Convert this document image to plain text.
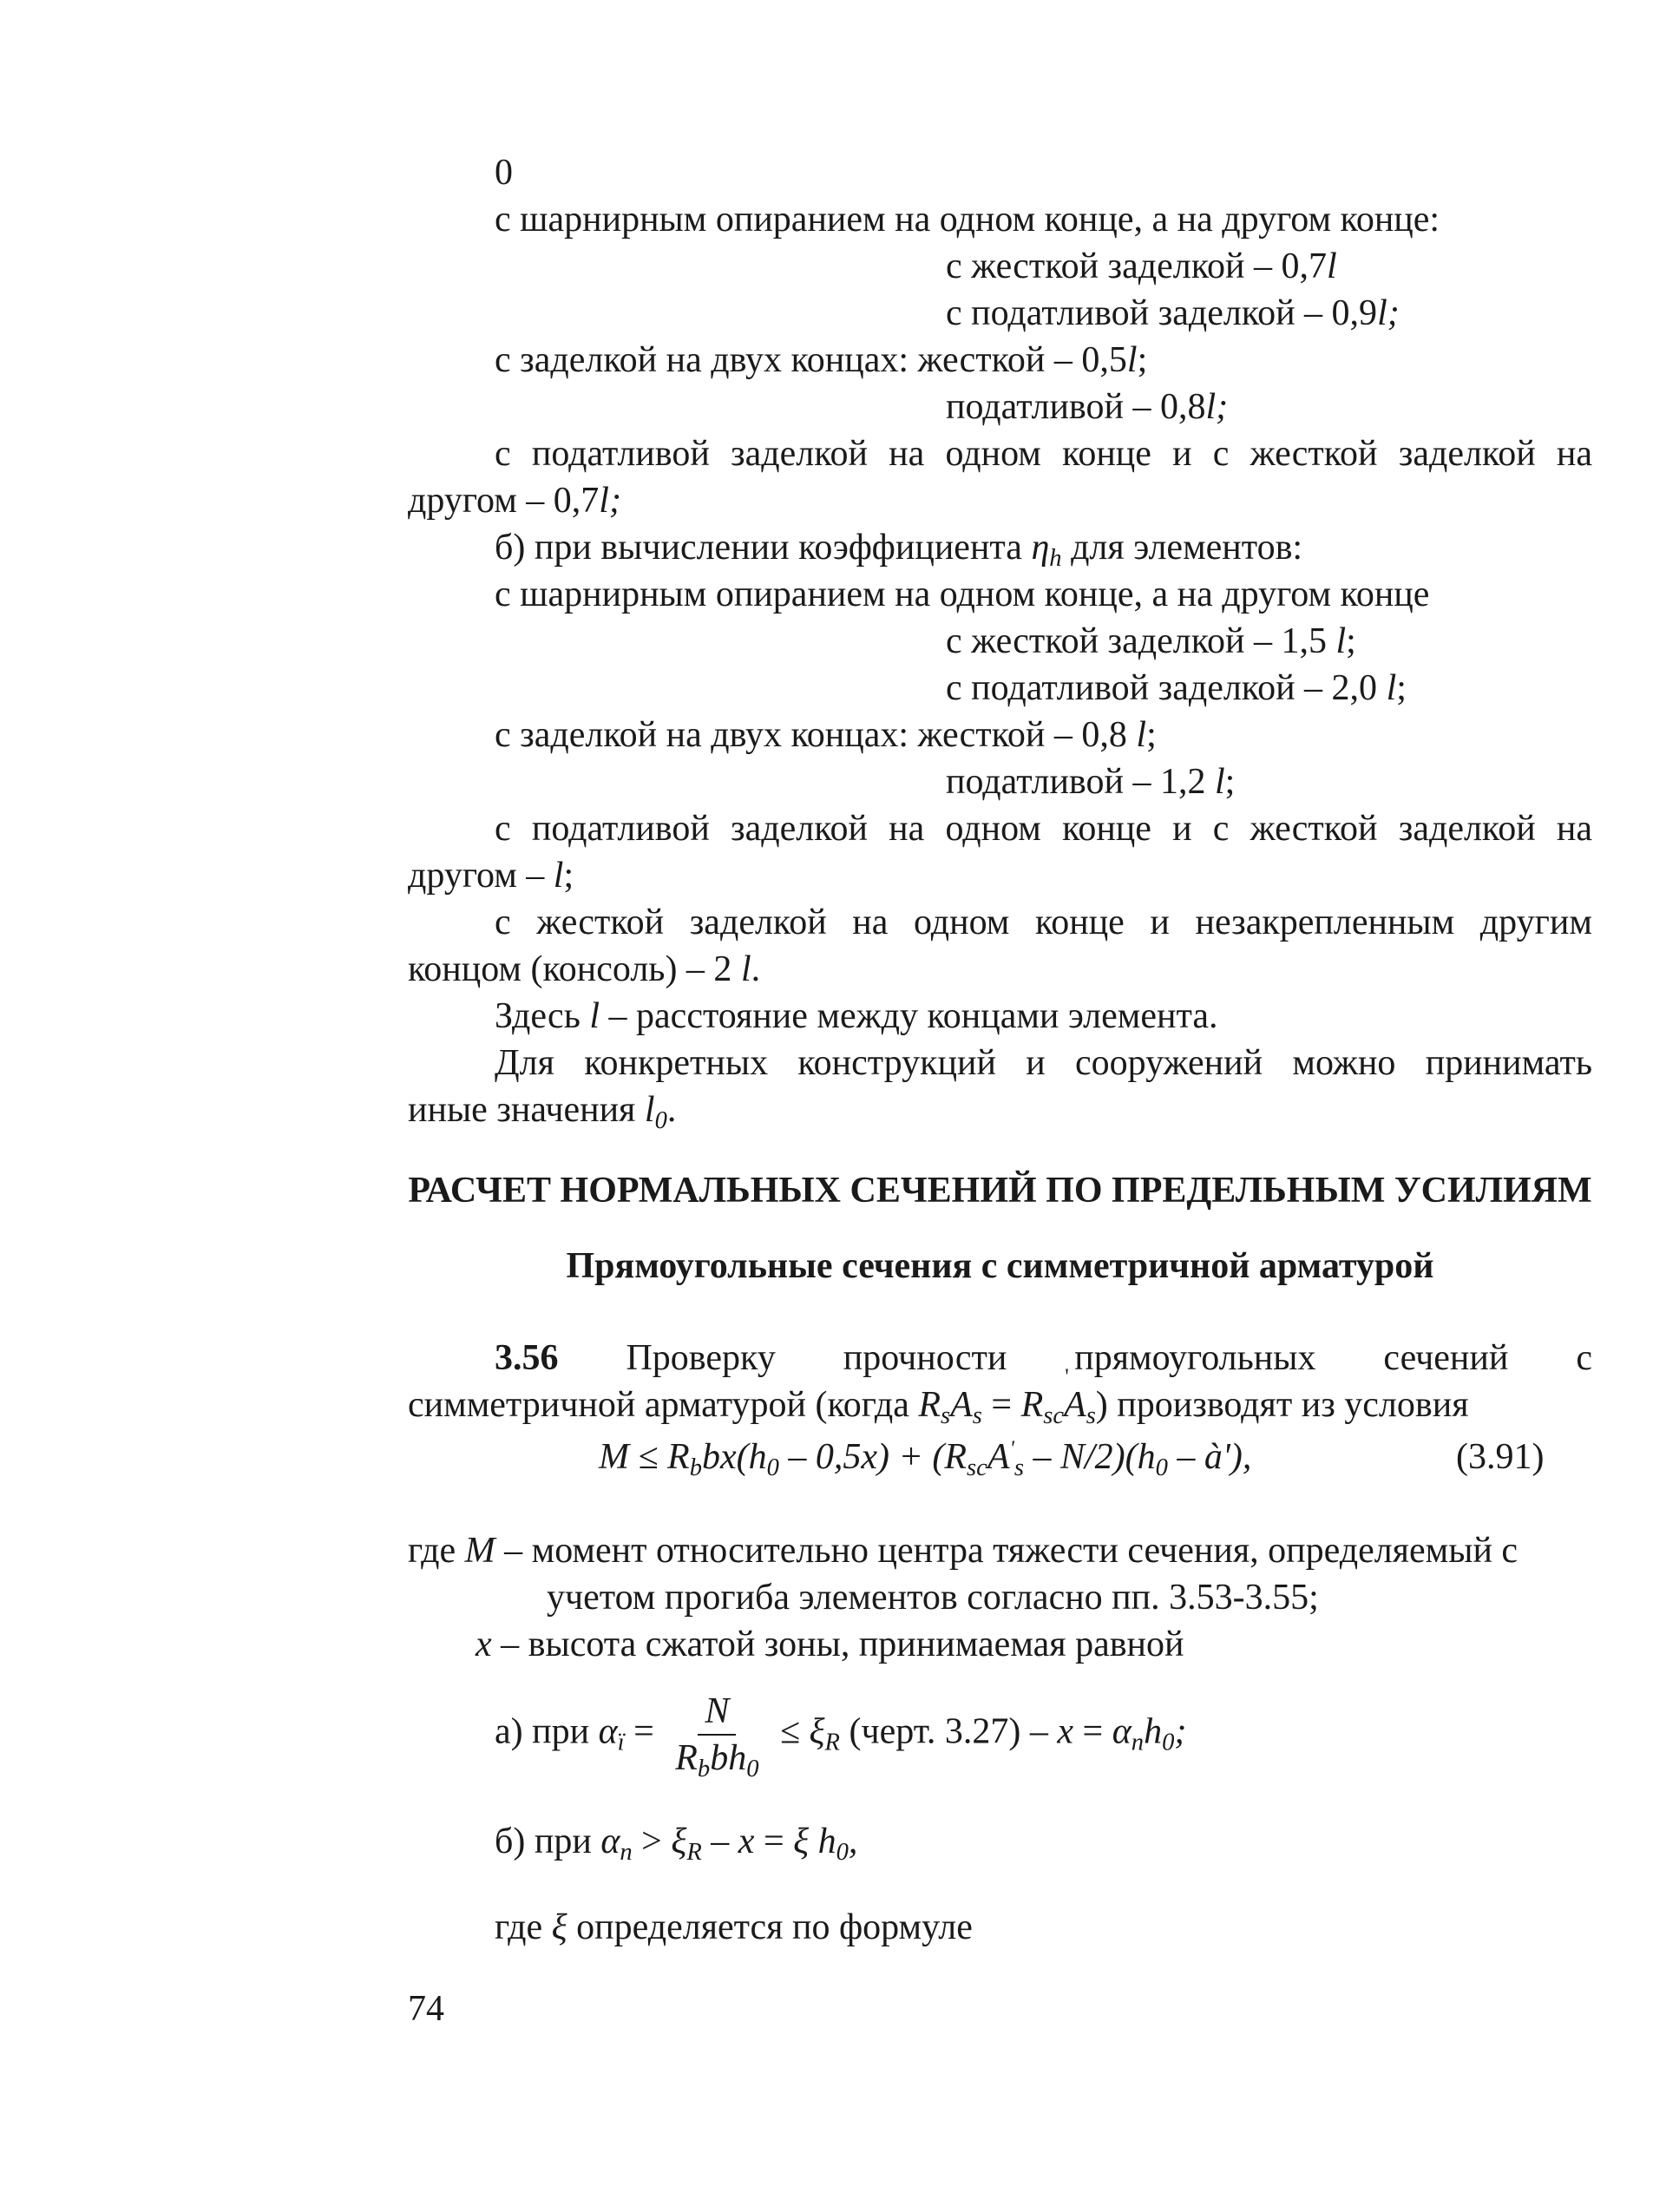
0
с шарнирным опиранием на одном конце, а на другом конце:
с жесткой заделкой – 0,7l
с податливой заделкой – 0,9l;
с заделкой на двух концах: жесткой – 0,5l;
податливой – 0,8l;
с податливой заделкой на одном конце и с жесткой заделкой на
другом – 0,7l;
б) при вычислении коэффициента $\eta_h$ для элементов:
с шарнирным опиранием на одном конце, а на другом конце
с жесткой заделкой – 1,5 l;
с податливой заделкой – 2,0 l;
с заделкой на двух концах: жесткой – 0,8 l;
податливой – 1,2 l;
с податливой заделкой на одном конце и с жесткой заделкой на
другом – l;
с жесткой заделкой на одном конце и незакрепленным другим
концом (консоль) – 2 l.
Здесь l – расстояние между концами элемента.
Для конкретных конструкций и сооружений можно принимать
иные значения $l_0$.
РАСЧЕТ НОРМАЛЬНЫХ СЕЧЕНИЙ ПО ПРЕДЕЛЬНЫМ УСИЛИЯМ
Прямоугольные сечения с симметричной арматурой
3.56 Проверку прочности прямоугольных сечений с
симметричной арматурой (когда $R_sA_s = R_{sc}A$
'
$_s$) производят из условия
$M \le R_bbx(h_0 - 0,5x) + (R_{sc}A'_s - N/2)(h_0$ – à'),	(3.91)
где M – момент относительно центра тяжести сечения, определяемый с
учетом прогиба элементов согласно пп. 3.53-3.55;
x – высота сжатой зоны, принимаемая равной
а) при $\alpha_ï = \frac{N}{R_bbh_0} \le \xi_R$ (черт. $3.27) - x = \alpha_nh_0$;
б) при $\alpha_n > \xi_R - x = \xi$ $h_0$,
где ξ определяется по формуле
74
